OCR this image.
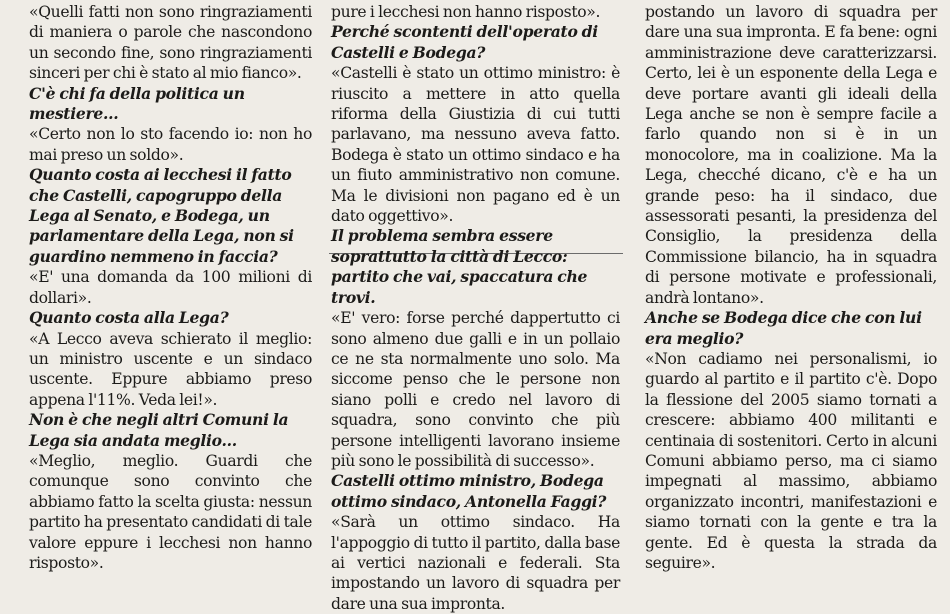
«Quelli fatti non sono ringraziamenti di maniera o parole che nascondono un secondo fine, sono ringraziamenti sinceri per chi è stato al mio fianco».

C'è chi fa della politica un mestiere...

«Certo non lo sto facendo io: non ho mai preso un soldo».

Quanto costa ai lecchesi il fatto che Castelli, capogruppo della Lega al Senato, e Bodega, un parlamentare della Lega, non si guardino nemmeno in faccia?

«E' una domanda da 100 milioni di dollari».

Quanto costa alla Lega?

«A Lecco aveva schierato il meglio: un ministro uscente e un sindaco uscente. Eppure abbiamo preso appena l'11%. Veda lei!».

Non è che negli altri Comuni la Lega sia andata meglio...

«Meglio, meglio. Guardi che comunque sono convinto che abbiamo fatto la scelta giusta: nessun partito ha presentato candidati di tale valore eppure i lecchesi non hanno risposto».

pure i lecchesi non hanno risposto».

Perché scontenti dell'operato di Castelli e Bodega?

«Castelli è stato un ottimo ministro: è riuscito a mettere in atto quella riforma della Giustizia di cui tutti parlavano, ma nessuno aveva fatto. Bodega è stato un ottimo sindaco e ha un fiuto amministrativo non comune. Ma le divisioni non pagano ed è un dato oggettivo».

Il problema sembra essere soprattutto la città di Lecco: partito che vai, spaccatura che trovi.

«E' vero: forse perché dappertutto ci sono almeno due galli e in un pollaio ce ne sta normalmente uno solo. Ma siccome penso che le persone non siano polli e credo nel lavoro di squadra, sono convinto che più persone intelligenti lavorano insieme più sono le possibilità di successo».

Castelli ottimo ministro, Bodega ottimo sindaco, Antonella Faggi?

«Sarà un ottimo sindaco. Ha l'appoggio di tutto il partito, dalla base ai vertici nazionali e federali. Sta impostando un lavoro di squadra per dare una sua impronta.

postando un lavoro di squadra per dare una sua impronta. E fa bene: ogni amministrazione deve caratterizzarsi. Certo, lei è un esponente della Lega e deve portare avanti gli ideali della Lega anche se non è sempre facile a farlo quando non si è in un monocolore, ma in coalizione. Ma la Lega, checché dicano, c'è e ha un grande peso: ha il sindaco, due assessorati pesanti, la presidenza del Consiglio, la presidenza della Commissione bilancio, ha in squadra di persone motivate e professionali, andrà lontano».

Anche se Bodega dice che con lui era meglio?

«Non cadiamo nei personalismi, io guardo al partito e il partito c'è. Dopo la flessione del 2005 siamo tornati a crescere: abbiamo 400 militanti e centinaia di sostenitori. Certo in alcuni Comuni abbiamo perso, ma ci siamo impegnati al massimo, abbiamo organizzato incontri, manifestazioni e siamo tornati con la gente e tra la gente. Ed è questa la strada da seguire».
